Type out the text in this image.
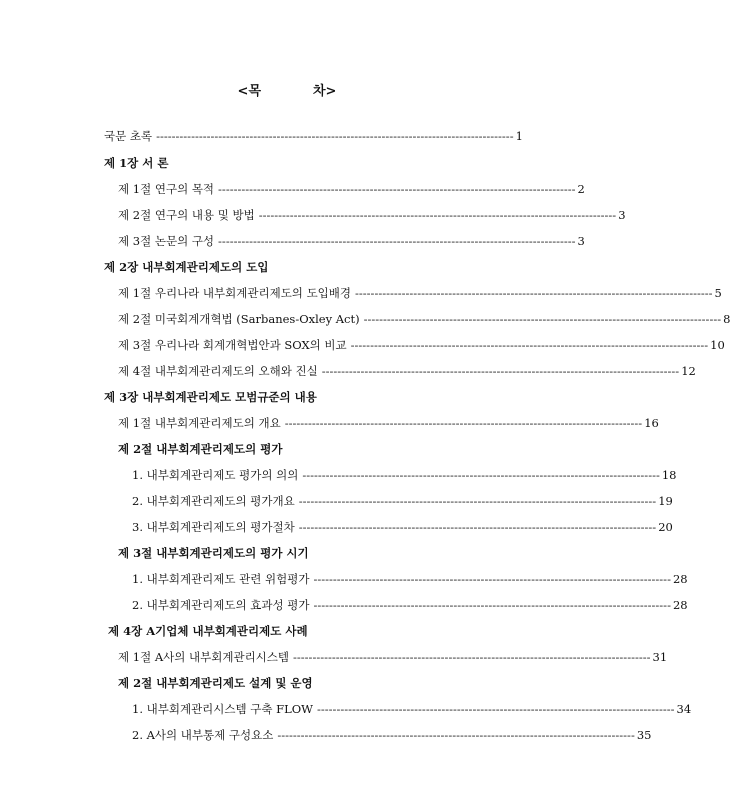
<목	차>
국문 초록 -------------------------------------------------------------------------------------------- 1
제 1장 서 론
제 1절 연구의 목적 -------------------------------------------------------------------------------------------- 2
제 2절 연구의 내용 및 방법 -------------------------------------------------------------------------------------------- 3
제 3절 논문의 구성 -------------------------------------------------------------------------------------------- 3
제 2장 내부회계관리제도의 도입
제 1절 우리나라 내부회계관리제도의 도입배경 -------------------------------------------------------------------------------------------- 5
제 2절 미국회계개혁법 (Sarbanes-Oxley Act) -------------------------------------------------------------------------------------------- 8
제 3절 우리나라 회계개혁법안과 SOX의 비교 -------------------------------------------------------------------------------------------- 10
제 4절 내부회계관리제도의 오해와 진실 -------------------------------------------------------------------------------------------- 12
제 3장 내부회계관리제도 모범규준의 내용
제 1절 내부회계관리제도의 개요 -------------------------------------------------------------------------------------------- 16
제 2절 내부회계관리제도의 평가
1. 내부회계관리제도 평가의 의의 -------------------------------------------------------------------------------------------- 18
2. 내부회계관리제도의 평가개요 -------------------------------------------------------------------------------------------- 19
3. 내부회계관리제도의 평가절차 -------------------------------------------------------------------------------------------- 20
제 3절 내부회계관리제도의 평가 시기
1. 내부회계관리제도 관련 위험평가 -------------------------------------------------------------------------------------------- 28
2. 내부회계관리제도의 효과성 평가 -------------------------------------------------------------------------------------------- 28
제 4장 A기업체 내부회계관리제도 사례
제 1절 A사의 내부회계관리시스템 -------------------------------------------------------------------------------------------- 31
제 2절 내부회계관리제도 설계 및 운영
1. 내부회계관리시스템 구축 FLOW -------------------------------------------------------------------------------------------- 34
2. A사의 내부통제 구성요소 -------------------------------------------------------------------------------------------- 35
